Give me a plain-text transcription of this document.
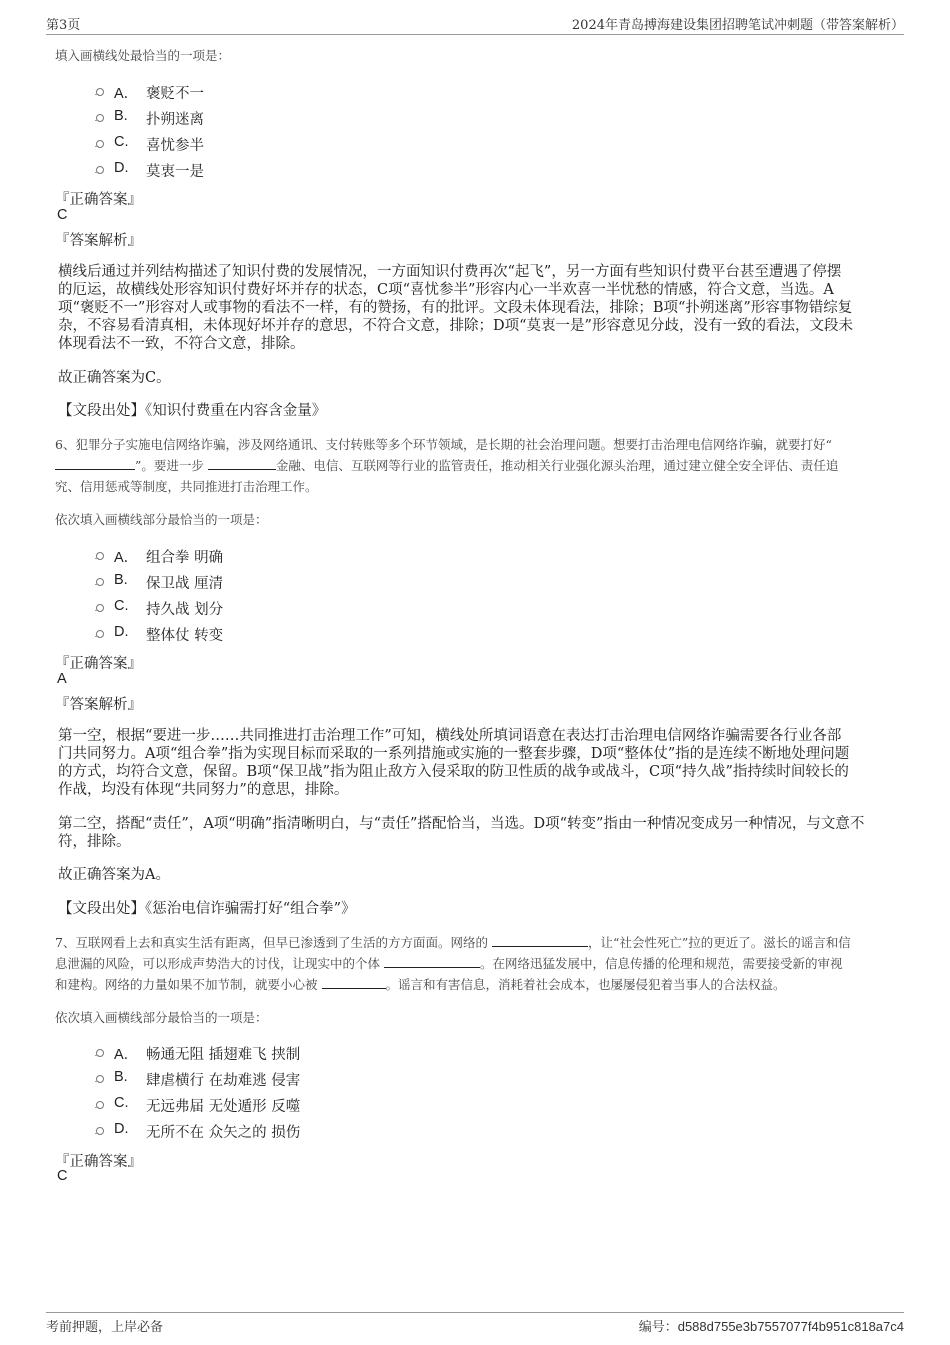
第3页	2024年青岛搏海建设集团招聘笔试冲刺题（带答案解析）
填入画横线处最恰当的一项是：
A． 褒贬不一
B. 扑朔迷离
C. 喜忧参半
D. 莫衷一是
『正确答案』
C
『答案解析』
横线后通过并列结构描述了知识付费的发展情况，一方面知识付费再次“起飞”，另一方面有些知识付费平台甚至遭遇了停摆
的厄运，故横线处形容知识付费好坏并存的状态，C项“喜忧参半”形容内心一半欢喜一半忧愁的情感，符合文意，当选。A
项“褒贬不一”形容对人或事物的看法不一样，有的赞扬，有的批评。文段未体现看法，排除；B项“扑朔迷离”形容事物错综复
杂，不容易看清真相，未体现好坏并存的意思，不符合文意，排除；D项“莫衷一是”形容意见分歧，没有一致的看法，文段未
体现看法不一致，不符合文意，排除。
故正确答案为C。
【文段出处】《知识付费重在内容含金量》
6、犯罪分子实施电信网络诈骗，涉及网络通讯、支付转账等多个环节领域，是长期的社会治理问题。想要打击治理电信网络诈骗，就要打好“
”。要进一步	金融、电信、互联网等行业的监管责任，推动相关行业强化源头治理，通过建立健全安全评估、责任追
究、信用惩戒等制度，共同推进打击治理工作。
依次填入画横线部分最恰当的一项是：
A． 组合拳 明确
B. 保卫战 厘清
C. 持久战 划分
D. 整体仗 转变
『正确答案』
A
『答案解析』
第一空，根据“要进一步……共同推进打击治理工作”可知，横线处所填词语意在表达打击治理电信网络诈骗需要各行业各部
门共同努力。A项“组合拳”指为实现目标而采取的一系列措施或实施的一整套步骤，D项“整体仗”指的是连续不断地处理问题
的方式，均符合文意，保留。B项“保卫战”指为阻止敌方入侵采取的防卫性质的战争或战斗，C项“持久战”指持续时间较长的
作战，均没有体现“共同努力”的意思，排除。
第二空，搭配“责任”，A项“明确”指清晰明白，与“责任”搭配恰当，当选。D项“转变”指由一种情况变成另一种情况，与文意不
符，排除。
故正确答案为A。
【文段出处】《惩治电信诈骗需打好“组合拳”》
7、互联网看上去和真实生活有距离，但早已渗透到了生活的方方面面。网络的	，让“社会性死亡”拉的更近了。滋长的谣言和信
息泄漏的风险，可以形成声势浩大的讨伐，让现实中的个体	。在网络迅猛发展中，信息传播的伦理和规范，需要接受新的审视
和建构。网络的力量如果不加节制，就要小心被	。谣言和有害信息，消耗着社会成本，也屡屡侵犯着当事人的合法权益。
依次填入画横线部分最恰当的一项是：
A． 畅通无阻 插翅难飞 挟制
B. 肆虐横行 在劫难逃 侵害
C. 无远弗届 无处遁形 反噬
D. 无所不在 众矢之的 损伤
『正确答案』
C
考前押题，上岸必备	编号：d588d755e3b7557077f4b951c818a7c4
